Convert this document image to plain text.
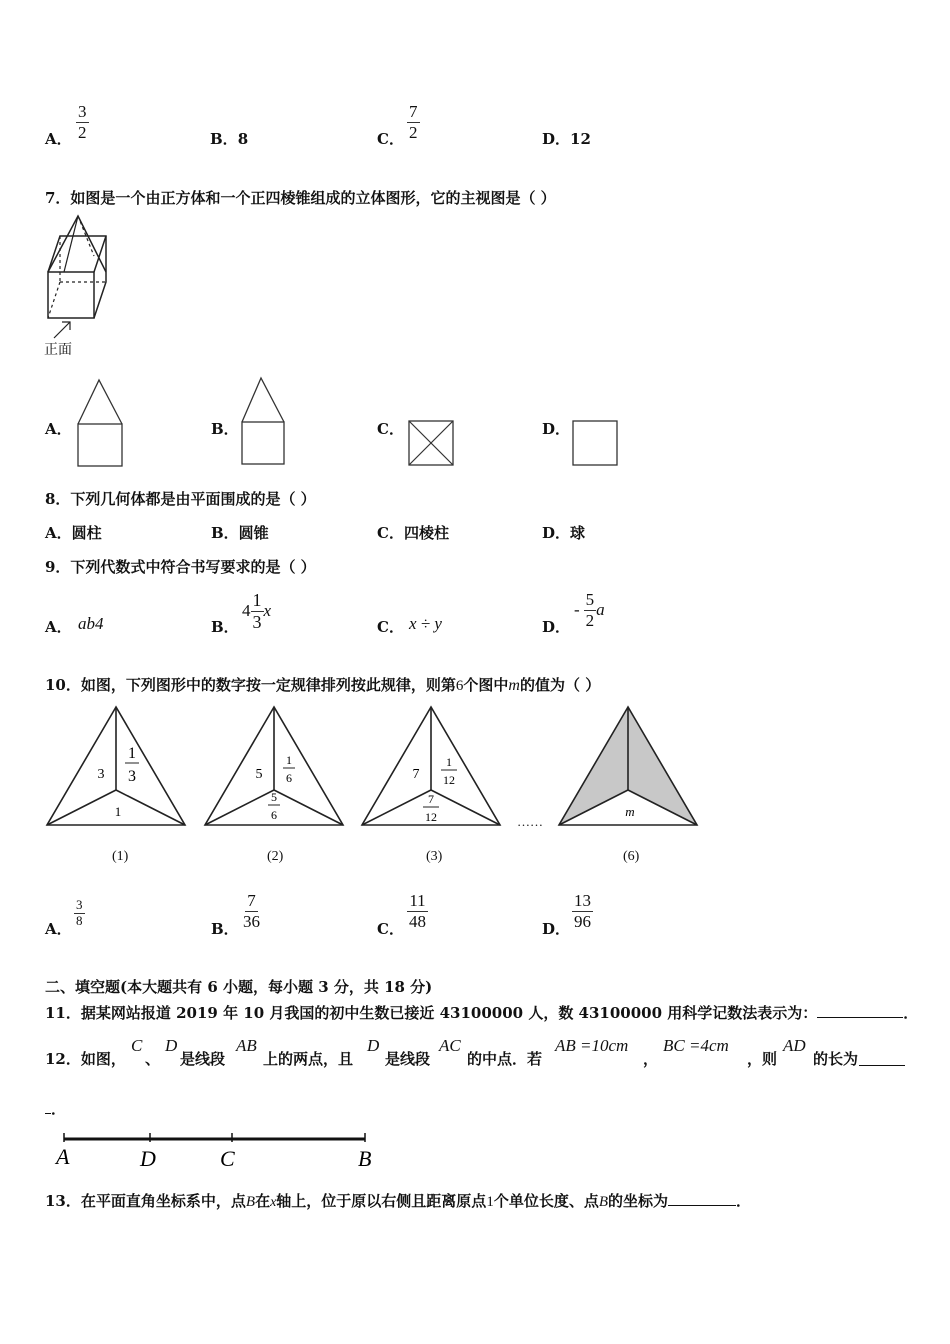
A． $\frac{3}{2}$	B．8	C． $\frac{7}{2}$	D．12
7．如图是一个由正方体和一个正四棱锥组成的立体图形，它的主视图是（ ）
正面
A．	B．	C．	D．
8．下列几何体都是由平面围成的是（ ）
A．圆柱	B．圆锥	C．四棱柱	D．球
9．下列代数式中符合书写要求的是（ ）
A． ab4	B．
$4 \frac{1}{3}$ x
C． x ÷ y	D．
- $\frac{5}{2}$ a
10．如图，下列图形中的数字按一定规律排列按此规律，则第6个图中m的值为（ ）
3
1
3
1
(1)
5
1
6
5
6
(2)
7
1
12
7
12
(3)
……
m
(6)
A．
$\frac{3}{8}$
B． $\frac{7}{36}$	C． $\frac{11}{48}$	D． $\frac{13}{96}$
二、填空题(本大题共有 6 小题，每小题 3 分，共 18 分)
11．据某网站报道 2019 年 10 月我国的初中生数已接近 43100000 人，数 43100000 用科学记数法表示为：	．
12．如图，
C
、
D
是线段
AB
上的两点，且
D
是线段
AC
的中点．若
AB =10cm
，
BC =4cm
，则
AD
的长为
．
A	D	C	B
13．在平面直角坐标系中，点B在x轴上，位于原以右侧且距离原点1个单位长度、点B的坐标为	．
